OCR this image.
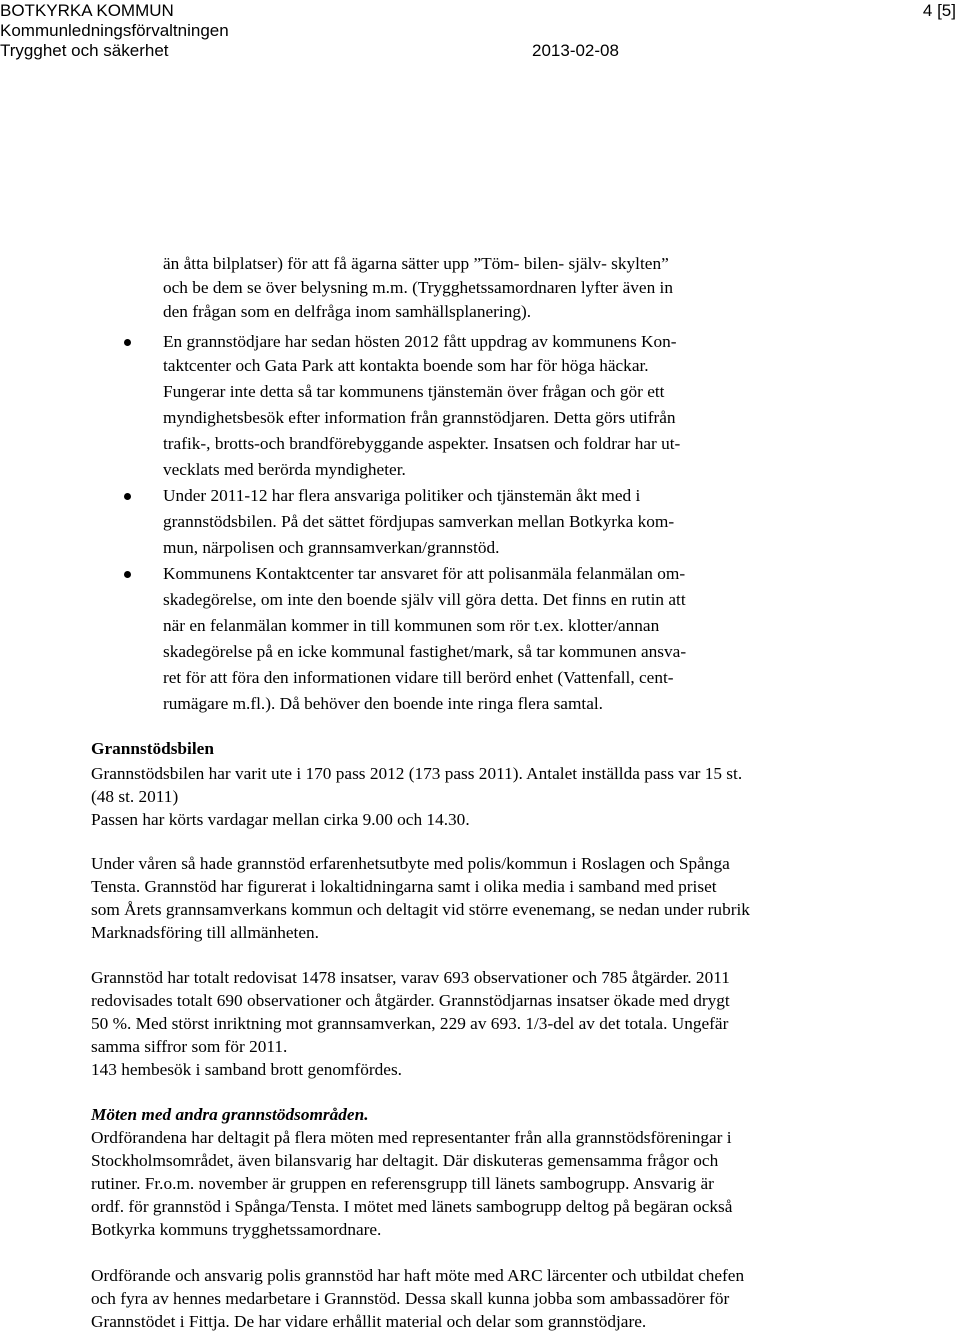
BOTKYRKA KOMMUN
Kommunledningsförvaltningen
Trygghet och säkerhet	2013-02-08
4 [5]
än åtta bilplatser) för att få ägarna sätter upp ”Töm- bilen- själv- skylten”
och be dem se över belysning m.m. (Trygghetssamordnaren lyfter även in
den frågan som en delfråga inom samhällsplanering).
En grannstödjare har sedan hösten 2012 fått uppdrag av kommunens Kon-
taktcenter och Gata Park att kontakta boende som har för höga häckar.
Fungerar inte detta så tar kommunens tjänstemän över frågan och gör ett
myndighetsbesök efter information från grannstödjaren. Detta görs utifrån
trafik-, brotts-och brandförebyggande aspekter. Insatsen och foldrar har ut-
vecklats med berörda myndigheter.
Under 2011-12 har flera ansvariga politiker och tjänstemän åkt med i
grannstödsbilen. På det sättet fördjupas samverkan mellan Botkyrka kom-
mun, närpolisen och grannsamverkan/grannstöd.
Kommunens Kontaktcenter tar ansvaret för att polisanmäla felanmälan om-
skadegörelse, om inte den boende själv vill göra detta. Det finns en rutin att
när en felanmälan kommer in till kommunen som rör t.ex. klotter/annan
skadegörelse på en icke kommunal fastighet/mark, så tar kommunen ansva-
ret för att föra den informationen vidare till berörd enhet (Vattenfall, cent-
rumägare m.fl.). Då behöver den boende inte ringa flera samtal.
Grannstödsbilen
Grannstödsbilen har varit ute i 170 pass 2012 (173 pass 2011). Antalet inställda pass var 15 st.
(48 st. 2011)
Passen har körts vardagar mellan cirka 9.00 och 14.30.
Under våren så hade grannstöd erfarenhetsutbyte med polis/kommun i Roslagen och Spånga
Tensta. Grannstöd har figurerat i lokaltidningarna samt i olika media i samband med priset
som Årets grannsamverkans kommun och deltagit vid större evenemang, se nedan under rubrik
Marknadsföring till allmänheten.
Grannstöd har totalt redovisat 1478 insatser, varav 693 observationer och 785 åtgärder. 2011
redovisades totalt 690 observationer och åtgärder. Grannstödjarnas insatser ökade med drygt
50 %. Med störst inriktning mot grannsamverkan, 229 av 693. 1/3-del av det totala. Ungefär
samma siffror som för 2011.
143 hembesök i samband brott genomfördes.
Möten med andra grannstödsområden.
Ordförandena har deltagit på flera möten med representanter från alla grannstödsföreningar i
Stockholmsområdet, även bilansvarig har deltagit. Där diskuteras gemensamma frågor och
rutiner. Fr.o.m. november är gruppen en referensgrupp till länets sambogrupp. Ansvarig är
ordf. för grannstöd i Spånga/Tensta. I mötet med länets sambogrupp deltog på begäran också
Botkyrka kommuns trygghetssamordnare.
Ordförande och ansvarig polis grannstöd har haft möte med ARC lärcenter och utbildat chefen
och fyra av hennes medarbetare i Grannstöd. Dessa skall kunna jobba som ambassadörer för
Grannstödet i Fittja. De har vidare erhållit material och delar som grannstödjare.
